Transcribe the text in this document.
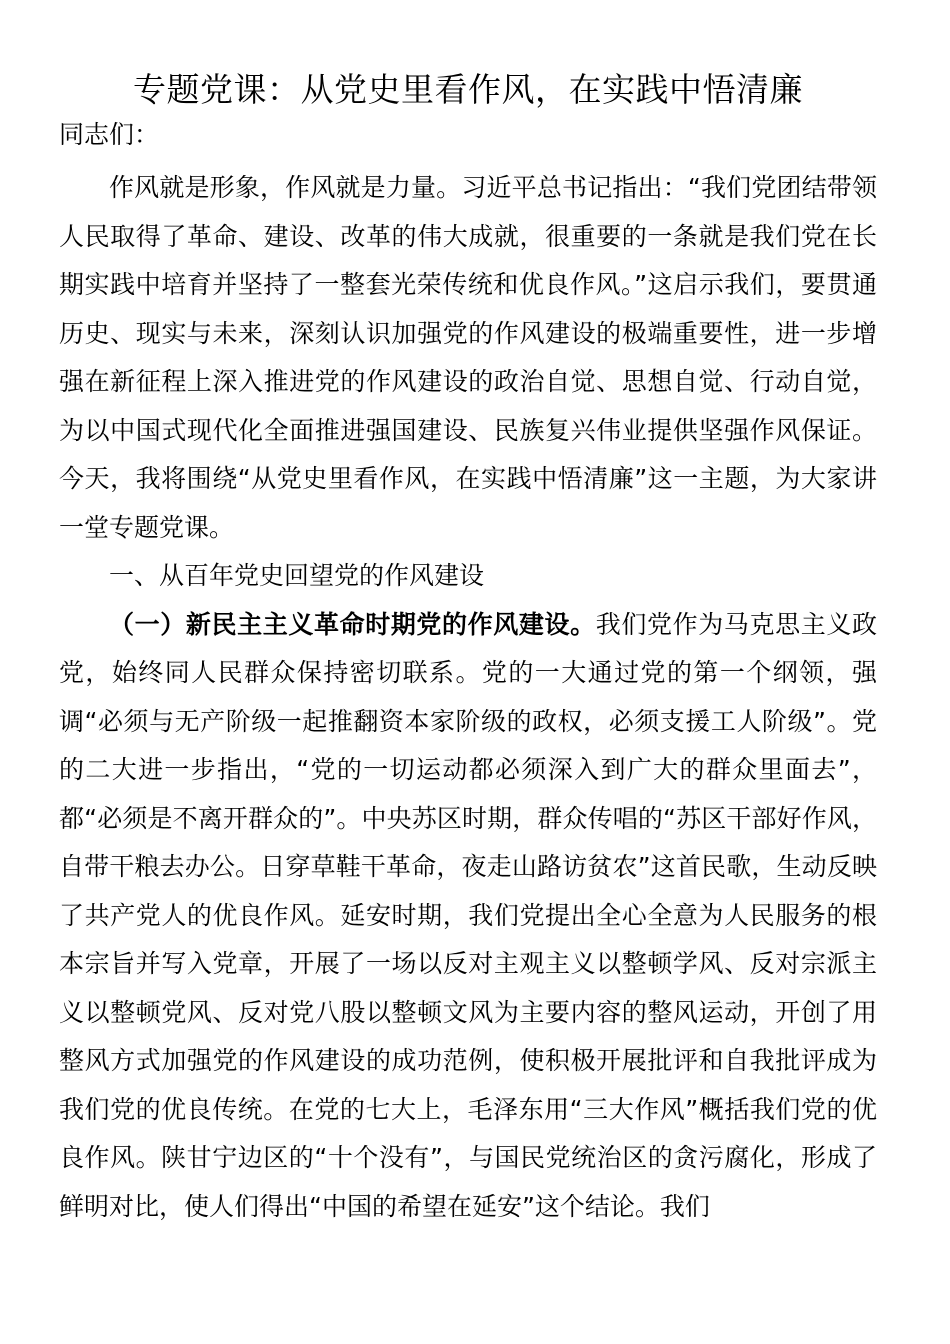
专题党课：从党史里看作风，在实践中悟清廉

同志们：

作风就是形象，作风就是力量。习近平总书记指出：“我们党团结带领人民取得了革命、建设、改革的伟大成就，很重要的一条就是我们党在长期实践中培育并坚持了一整套光荣传统和优良作风。”这启示我们，要贯通历史、现实与未来，深刻认识加强党的作风建设的极端重要性，进一步增强在新征程上深入推进党的作风建设的政治自觉、思想自觉、行动自觉，为以中国式现代化全面推进强国建设、民族复兴伟业提供坚强作风保证。今天，我将围绕“从党史里看作风，在实践中悟清廉”这一主题，为大家讲一堂专题党课。

一、从百年党史回望党的作风建设

（一）新民主主义革命时期党的作风建设。我们党作为马克思主义政党，始终同人民群众保持密切联系。党的一大通过党的第一个纲领，强调“必须与无产阶级一起推翻资本家阶级的政权，必须支援工人阶级”。党的二大进一步指出，“党的一切运动都必须深入到广大的群众里面去”，都“必须是不离开群众的”。中央苏区时期，群众传唱的“苏区干部好作风，自带干粮去办公。日穿草鞋干革命，夜走山路访贫农”这首民歌，生动反映了共产党人的优良作风。延安时期，我们党提出全心全意为人民服务的根本宗旨并写入党章，开展了一场以反对主观主义以整顿学风、反对宗派主义以整顿党风、反对党八股以整顿文风为主要内容的整风运动，开创了用整风方式加强党的作风建设的成功范例，使积极开展批评和自我批评成为我们党的优良传统。在党的七大上，毛泽东用“三大作风”概括我们党的优良作风。陕甘宁边区的“十个没有”，与国民党统治区的贪污腐化，形成了鲜明对比，使人们得出“中国的希望在延安”这个结论。我们
